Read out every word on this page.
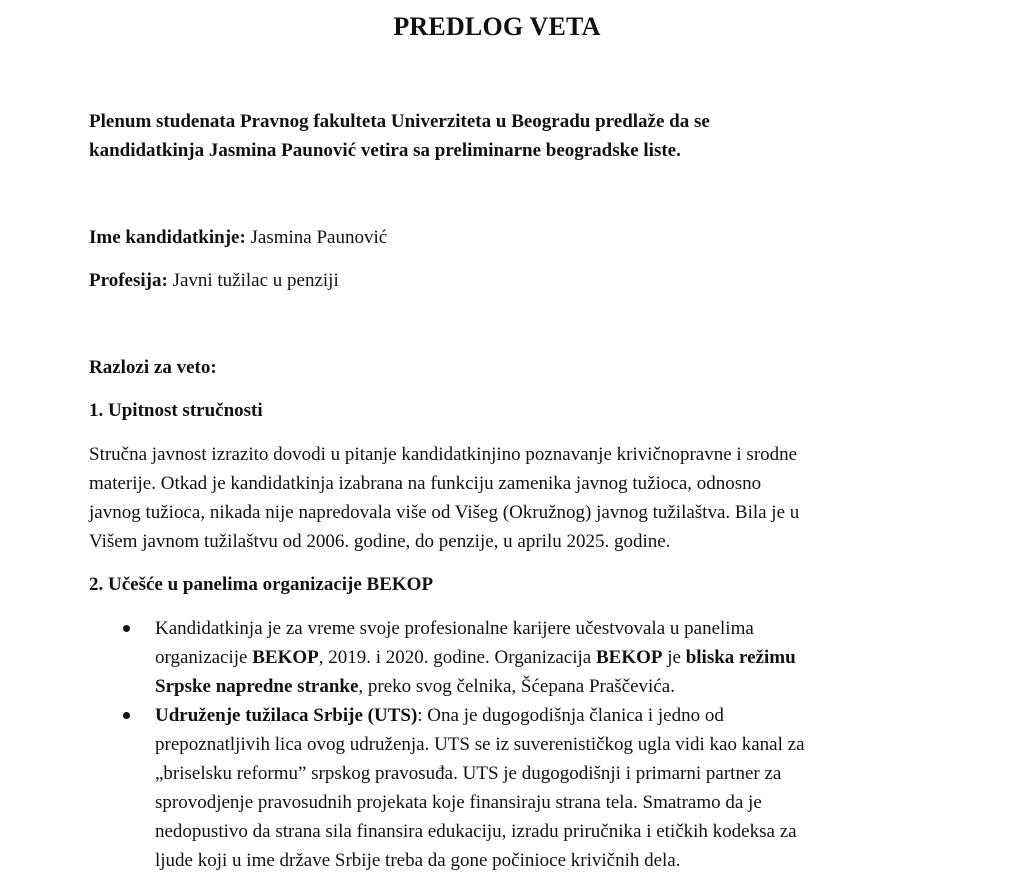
PREDLOG VETA

Plenum studenata Pravnog fakulteta Univerziteta u Beogradu predlaže da se
kandidatkinja Jasmina Paunović vetira sa preliminarne beogradske liste.

Ime kandidatkinje: Jasmina Paunović

Profesija: Javni tužilac u penziji

Razlozi za veto:

1. Upitnost stručnosti

Stručna javnost izrazito dovodi u pitanje kandidatkinjino poznavanje krivičnopravne i srodne
materije. Otkad je kandidatkinja izabrana na funkciju zamenika javnog tužioca, odnosno
javnog tužioca, nikada nije napredovala više od Višeg (Okružnog) javnog tužilaštva. Bila je u
Višem javnom tužilaštvu od 2006. godine, do penzije, u aprilu 2025. godine.

2. Učešće u panelima organizacije BEKOP

Kandidatkinja je za vreme svoje profesionalne karijere učestvovala u panelima
organizacije BEKOP, 2019. i 2020. godine. Organizacija BEKOP je bliska režimu
Srpske napredne stranke, preko svog čelnika, Šćepana Praščevića.
Udruženje tužilaca Srbije (UTS): Ona je dugogodišnja članica i jedno od
prepoznatljivih lica ovog udruženja. UTS se iz suverenističkog ugla vidi kao kanal za
„briselsku reformu” srpskog pravosuđa. UTS je dugogodišnji i primarni partner za
sprovodjenje pravosudnih projekata koje finansiraju strana tela. Smatramo da je
nedopustivo da strana sila finansira edukaciju, izradu priručnika i etičkih kodeksa za
ljude koji u ime države Srbije treba da gone počinioce krivičnih dela.
